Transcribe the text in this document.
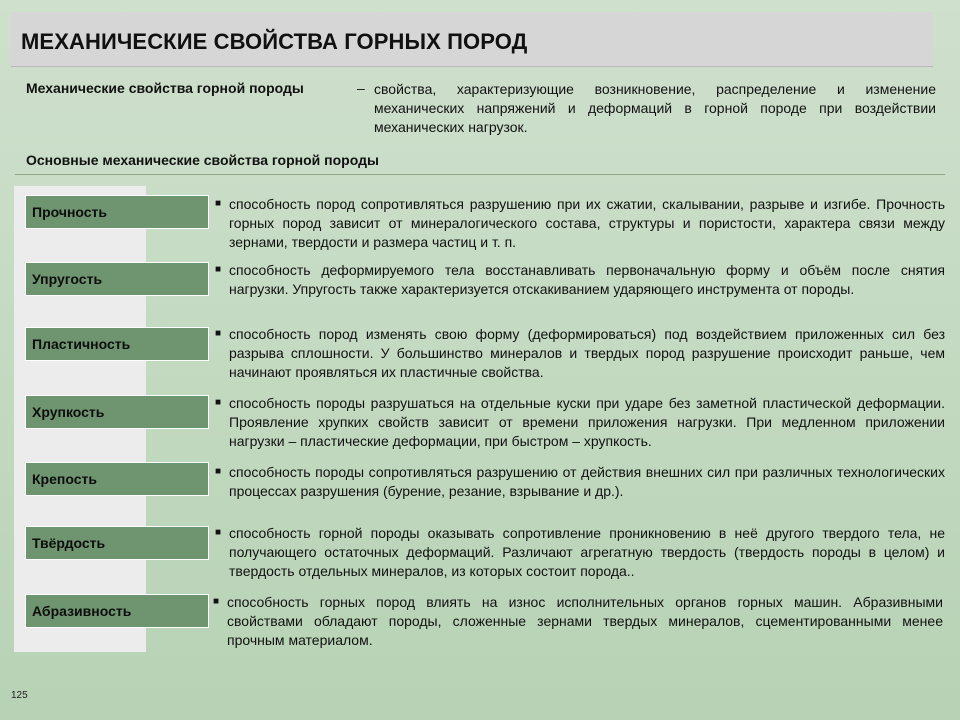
МЕХАНИЧЕСКИЕ СВОЙСТВА ГОРНЫХ ПОРОД
Механические свойства горной породы	– свойства, характеризующие возникновение, распределение и изменение механических напряжений и деформаций в горной породе при воздействии механических нагрузок.
Основные механические свойства горной породы
Прочность
■ способность пород сопротивляться разрушению при их сжатии, скалывании, разрыве и изгибе. Прочность горных пород зависит от минералогического состава, структуры и пористости, характера связи между зернами, твердости и размера частиц и т. п.
Упругость
■ способность деформируемого тела восстанавливать первоначальную форму и объём после снятия нагрузки. Упругость также характеризуется отскакиванием ударяющего инструмента от породы.
Пластичность
■ способность пород изменять свою форму (деформироваться) под воздействием приложенных сил без разрыва сплошности. У большинство минералов и твердых пород разрушение происходит раньше, чем начинают проявляться их пластичные свойства.
Хрупкость
■ способность породы разрушаться на отдельные куски при ударе без заметной пластической деформации. Проявление хрупких свойств зависит от времени приложения нагрузки. При медленном приложении нагрузки – пластические деформации, при быстром – хрупкость.
Крепость	■ способность породы сопротивляться разрушению от действия внешних сил при различных технологических процессах разрушения (бурение, резание, взрывание и др.).
Твёрдость
■ способность горной породы оказывать сопротивление проникновению в неё другого твердого тела, не получающего остаточных деформаций. Различают агрегатную твердость (твердость породы в целом) и твердость отдельных минералов, из которых состоит порода..
Абразивность
■ способность горных пород влиять на износ исполнительных органов горных машин. Абразивными свойствами обладают породы, сложенные зернами твердых минералов, сцементированными менее прочным материалом.
125
